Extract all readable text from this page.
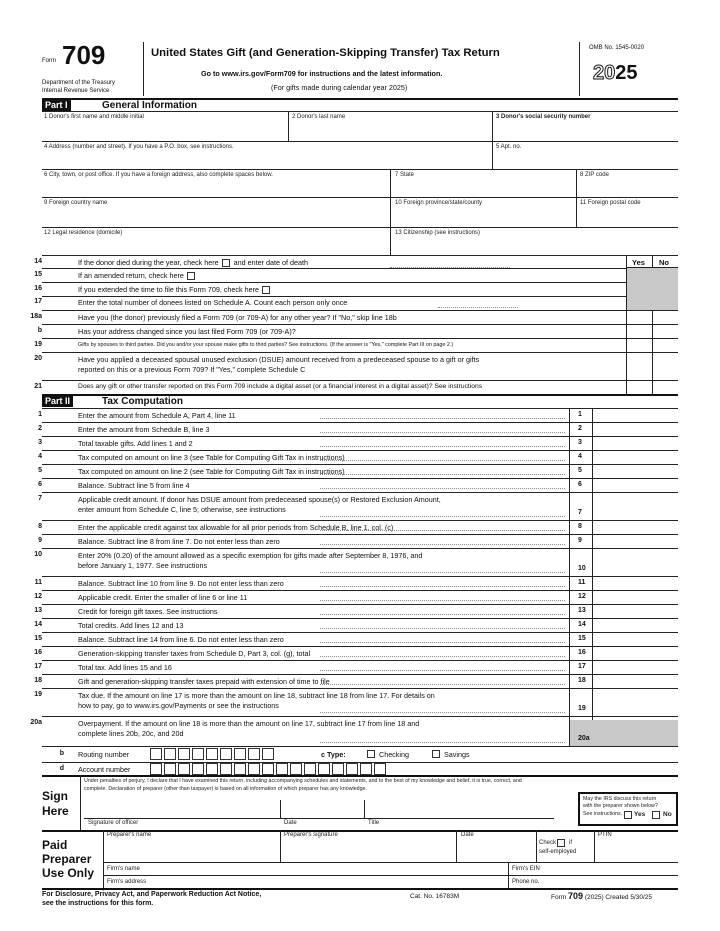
Form 709
Department of the Treasury
Internal Revenue Service
United States Gift (and Generation-Skipping Transfer) Tax Return
Go to www.irs.gov/Form709 for instructions and the latest information.
(For gifts made during calendar year 2025)
OMB No. 1545-0020
2025
Part I	General Information
1 Donor's first name and middle initial	2 Donor's last name	3 Donor's social security number
4 Address (number and street). If you have a P.O. box, see instructions.	5 Apt. no.
6 City, town, or post office. If you have a foreign address, also complete spaces below.	7 State	8 ZIP code
9 Foreign country name	10 Foreign province/state/county	11 Foreign postal code
12 Legal residence (domicile)	13 Citizenship (see instructions)
Yes No
14	If the donor died during the year, check here and enter date of death
15	If an amended return, check here
16	If you extended the time to file this Form 709, check here
17	Enter the total number of donees listed on Schedule A. Count each person only once
18a	Have you (the donor) previously filed a Form 709 (or 709-A) for any other year? If "No," skip line 18b
b	Has your address changed since you last filed Form 709 (or 709-A)?
19	Gifts by spouses to third parties. Did you and/or your spouse make gifts to third parties? See instructions. (If the answer is "Yes," complete Part III on page 2.)
20	Have you applied a deceased spousal unused exclusion (DSUE) amount received from a predeceased spouse to a gift or gifts
reported on this or a previous Form 709? If "Yes," complete Schedule C
21	Does any gift or other transfer reported on this Form 709 include a digital asset (or a financial interest in a digital asset)? See instructions
Part II	Tax Computation
1	Enter the amount from Schedule A, Part 4, line 11	1
2	Enter the amount from Schedule B, line 3	2
3	Total taxable gifts. Add lines 1 and 2	3
4	Tax computed on amount on line 3 (see Table for Computing Gift Tax in instructions)	4
5	Tax computed on amount on line 2 (see Table for Computing Gift Tax in instructions)	5
6	Balance. Subtract line 5 from line 4	6
7	Applicable credit amount. If donor has DSUE amount from predeceased spouse(s) or Restored Exclusion Amount,
enter amount from Schedule C, line 5; otherwise, see instructions	7
8	Enter the applicable credit against tax allowable for all prior periods from Schedule B, line 1, col. (c)	8
9	Balance. Subtract line 8 from line 7. Do not enter less than zero	9
10	Enter 20% (0.20) of the amount allowed as a specific exemption for gifts made after September 8, 1976, and
before January 1, 1977. See instructions	10
11	Balance. Subtract line 10 from line 9. Do not enter less than zero	11
12	Applicable credit. Enter the smaller of line 6 or line 11	12
13	Credit for foreign gift taxes. See instructions	13
14	Total credits. Add lines 12 and 13	14
15	Balance. Subtract line 14 from line 6. Do not enter less than zero	15
16	Generation-skipping transfer taxes from Schedule D, Part 3, col. (g), total	16
17	Total tax. Add lines 15 and 16	17
18	Gift and generation-skipping transfer taxes prepaid with extension of time to file	18
19	Tax due. If the amount on line 17 is more than the amount on line 18, subtract line 18 from line 17. For details on
how to pay, go to www.irs.gov/Payments or see the instructions	19
20a	Overpayment. If the amount on line 18 is more than the amount on line 17, subtract line 17 from line 18 and
complete lines 20b, 20c, and 20d
20a
b Routing number	c Type:	Checking	Savings
d Account number
Sign
Here
Under penalties of perjury, I declare that I have examined this return, including accompanying schedules and statements, and to the best of my knowledge and belief, it is true, correct, and
complete. Declaration of preparer (other than taxpayer) is based on all information of which preparer has any knowledge.
Signature of officer	Date	Title
May the IRS discuss this return
with the preparer shown below?
See instructions. Yes	No
Paid
Preparer
Use Only
Preparer's name	Preparer's signature	Date
Check if
self-employed
PTIN
Firm's name	Firm's EIN
Firm's address	Phone no.
For Disclosure, Privacy Act, and Paperwork Reduction Act Notice,
see the instructions for this form.
Cat. No. 16783M	Form 709 (2025) Created 5/30/25
